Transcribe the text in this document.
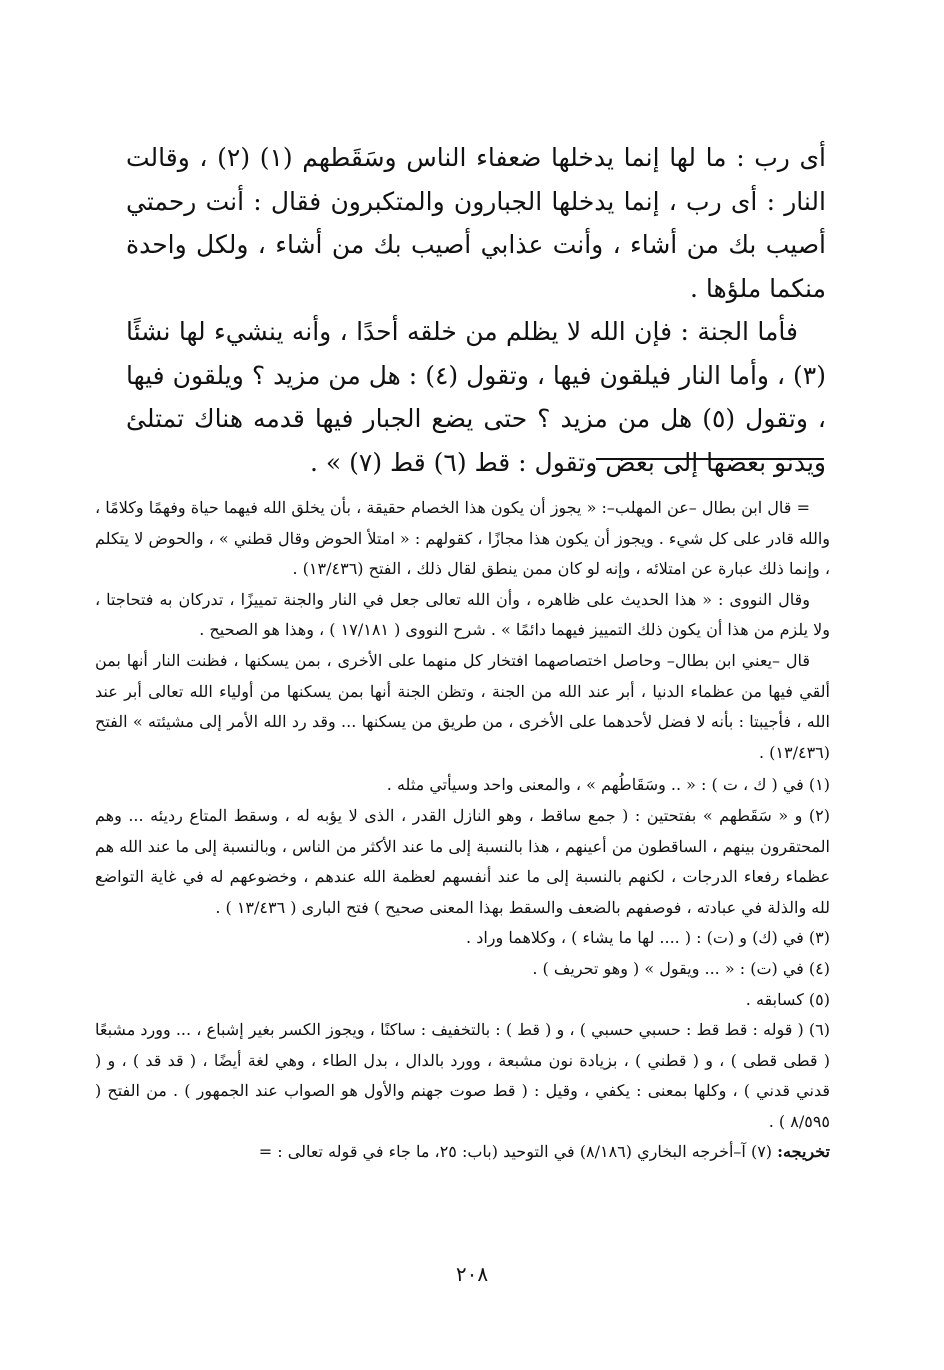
أى رب : ما لها إنما يدخلها ضعفاء الناس وسَقَطهم (١) (٢) ، وقالت النار : أى رب ، إنما يدخلها الجبارون والمتكبرون فقال : أنت رحمتي أصيب بك من أشاء ، وأنت عذابي أصيب بك من أشاء ، ولكل واحدة منكما ملؤها .

فأما الجنة : فإن الله لا يظلم من خلقه أحدًا ، وأنه ينشيء لها نشئًا (٣) ، وأما النار فيلقون فيها ، وتقول (٤) : هل من مزيد ؟ ويلقون فيها ، وتقول (٥) هل من مزيد ؟ حتى يضع الجبار فيها قدمه هناك تمتلئ ويدنو بعضها إلى بعض وتقول : قط (٦) قط (٧) » .

= قال ابن بطال –عن المهلب–: « يجوز أن يكون هذا الخصام حقيقة ، بأن يخلق الله فيهما حياة وفهمًا وكلامًا ، والله قادر على كل شيء . ويجوز أن يكون هذا مجازًا ، كقولهم : « امتلأ الحوض وقال قطني » ، والحوض لا يتكلم ، وإنما ذلك عبارة عن امتلائه ، وإنه لو كان ممن ينطق لقال ذلك ، الفتح (١٣/٤٣٦) .

وقال النووى : « هذا الحديث على ظاهره ، وأن الله تعالى جعل في النار والجنة تمييزًا ، تدركان به فتحاجتا ، ولا يلزم من هذا أن يكون ذلك التمييز فيهما دائمًا » . شرح النووى ( ١٧/١٨١ ) ، وهذا هو الصحيح .

قال –يعني ابن بطال– وحاصل اختصاصهما افتخار كل منهما على الأخرى ، بمن يسكنها ، فظنت النار أنها بمن ألقي فيها من عظماء الدنيا ، أبر عند الله من الجنة ، وتظن الجنة أنها بمن يسكنها من أولياء الله تعالى أبر عند الله ، فأجيبتا : بأنه لا فضل لأحدهما على الأخرى ، من طريق من يسكنها ... وقد رد الله الأمر إلى مشيئته » الفتح (١٣/٤٣٦) .

(١) في ( ك ، ت ) : « .. وسَقَاطُهم » ، والمعنى واحد وسيأتي مثله .

(٢) و « سَقَطهم » بفتحتين : ( جمع ساقط ، وهو النازل القدر ، الذى لا يؤبه له ، وسقط المتاع رديئه ... وهم المحتقرون بينهم ، الساقطون من أعينهم ، هذا بالنسبة إلى ما عند الأكثر من الناس ، وبالنسبة إلى ما عند الله هم عظماء رفعاء الدرجات ، لكنهم بالنسبة إلى ما عند أنفسهم لعظمة الله عندهم ، وخضوعهم له في غاية التواضع لله والذلة في عبادته ، فوصفهم بالضعف والسقط بهذا المعنى صحيح ) فتح البارى ( ١٣/٤٣٦ ) .

(٣) في (ك) و (ت) : ( .... لها ما يشاء ) ، وكلاهما وراد .

(٤) في (ت) : « ... ويقول » ( وهو تحريف ) .

(٥) كسابقه .

(٦) ( قوله : قط قط : حسبي حسبي ) ، و ( قط ) : بالتخفيف : ساكنًا ، ويجوز الكسر بغير إشباع ، ... وورد مشبعًا ( قطى قطى ) ، و ( قطني ) ، بزيادة نون مشبعة ، وورد بالدال ، بدل الطاء ، وهي لغة أيضًا ، ( قد قد ) ، و ( قدني قدني ) ، وكلها بمعنى : يكفي ، وقيل : ( قط صوت جهنم والأول هو الصواب عند الجمهور ) . من الفتح ( ٨/٥٩٥ ) .

تخريجه: (٧) آ–أخرجه البخاري (٨/١٨٦) في التوحيد (باب: ٢٥، ما جاء في قوله تعالى : =

٢٠٨
